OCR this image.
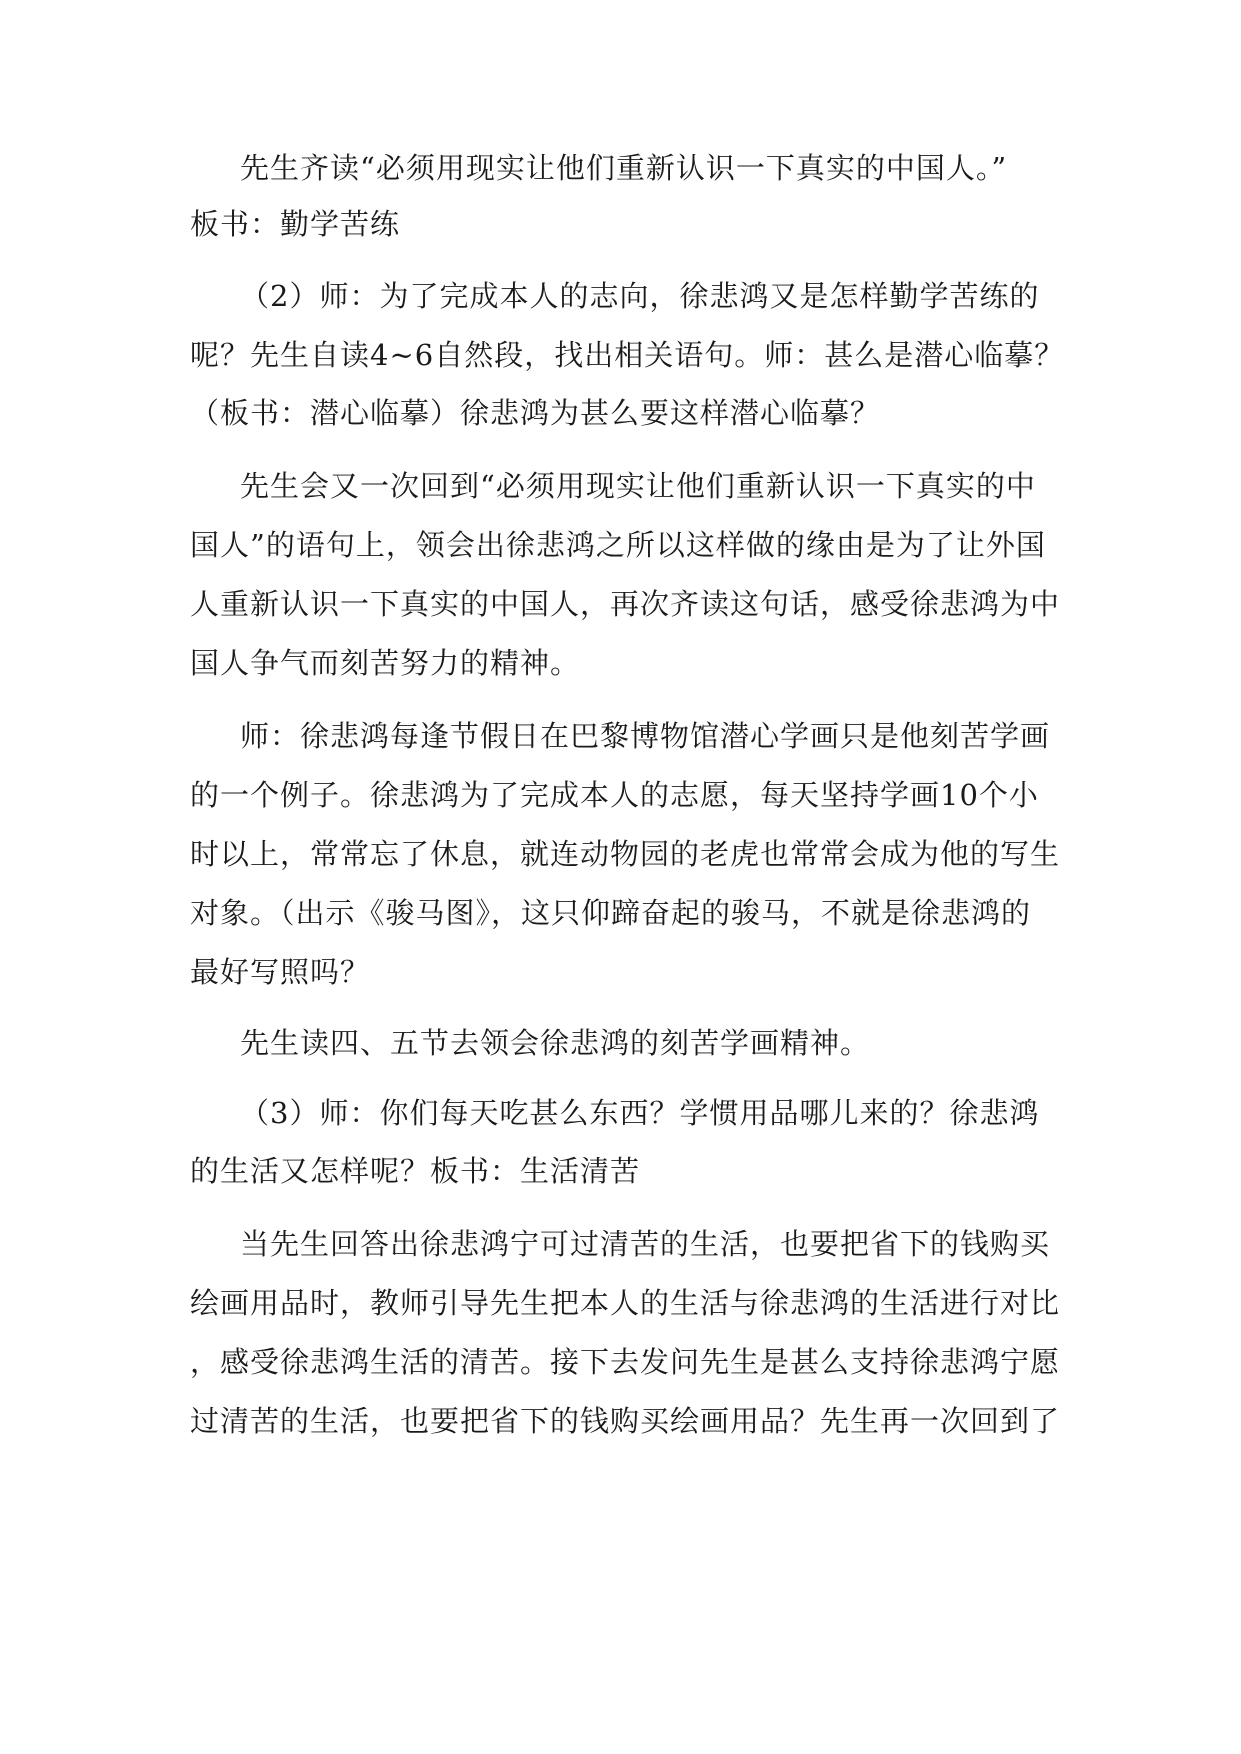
先生齐读“必须用现实让他们重新认识一下真实的中国人。”
板书：勤学苦练
（2）师：为了完成本人的志向，徐悲鸿又是怎样勤学苦练的
呢？先生自读4~6自然段，找出相关语句。师：甚么是潜心临摹？
（板书：潜心临摹）徐悲鸿为甚么要这样潜心临摹？
先生会又一次回到“必须用现实让他们重新认识一下真实的中
国人”的语句上，领会出徐悲鸿之所以这样做的缘由是为了让外国
人重新认识一下真实的中国人，再次齐读这句话，感受徐悲鸿为中
国人争气而刻苦努力的精神。
师：徐悲鸿每逢节假日在巴黎博物馆潜心学画只是他刻苦学画
的一个例子。徐悲鸿为了完成本人的志愿，每天坚持学画10个小
时以上，常常忘了休息，就连动物园的老虎也常常会成为他的写生
对象。（出示《骏马图》，这只仰蹄奋起的骏马，不就是徐悲鸿的
最好写照吗？
先生读四、五节去领会徐悲鸿的刻苦学画精神。
（3）师：你们每天吃甚么东西？学惯用品哪儿来的？徐悲鸿
的生活又怎样呢？板书：生活清苦
当先生回答出徐悲鸿宁可过清苦的生活，也要把省下的钱购买
绘画用品时，教师引导先生把本人的生活与徐悲鸿的生活进行对比
，感受徐悲鸿生活的清苦。接下去发问先生是甚么支持徐悲鸿宁愿
过清苦的生活，也要把省下的钱购买绘画用品？先生再一次回到了
